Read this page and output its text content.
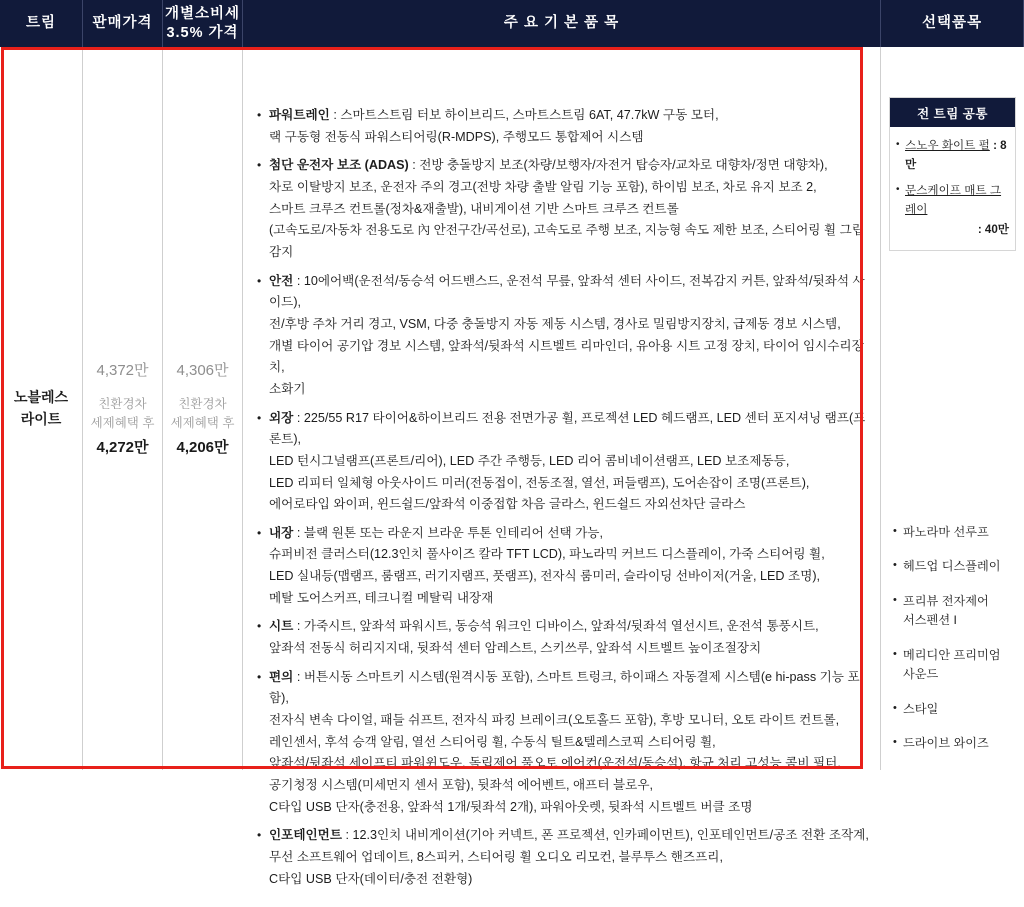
트림	판매가격
개별소비세
3.5% 가격
주 요 기 본 품 목	선택품목
노블레스
라이트
4,372만
친환경차
세제혜택 후
4,272만
4,306만
친환경차
세제혜택 후
4,206만
• 파워트레인 : 스마트스트림 터보 하이브리드, 스마트스트림 6AT, 47.7kW 구동 모터,
랙 구동형 전동식 파워스티어링(R-MDPS), 주행모드 통합제어 시스템
• 첨단 운전자 보조 (ADAS) : 전방 충돌방지 보조(차량/보행자/자전거 탑승자/교차로 대향차/정면 대향차),
차로 이탈방지 보조, 운전자 주의 경고(전방 차량 출발 알림 기능 포함), 하이빔 보조, 차로 유지 보조 2,
스마트 크루즈 컨트롤(정차&재출발), 내비게이션 기반 스마트 크루즈 컨트롤
(고속도로/자동차 전용도로 內 안전구간/곡선로), 고속도로 주행 보조, 지능형 속도 제한 보조, 스티어링 휠 그립 감지
• 안전 : 10에어백(운전석/동승석 어드밴스드, 운전석 무릎, 앞좌석 센터 사이드, 전복감지 커튼, 앞좌석/뒷좌석 사이드),
전/후방 주차 거리 경고, VSM, 다중 충돌방지 자동 제동 시스템, 경사로 밀림방지장치, 급제동 경보 시스템,
개별 타이어 공기압 경보 시스템, 앞좌석/뒷좌석 시트벨트 리마인더, 유아용 시트 고정 장치, 타이어 임시수리장치,
소화기
• 외장 : 225/55 R17 타이어&하이브리드 전용 전면가공 휠, 프로젝션 LED 헤드램프, LED 센터 포지셔닝 램프(프론트),
LED 턴시그널램프(프론트/리어), LED 주간 주행등, LED 리어 콤비네이션램프, LED 보조제동등,
LED 리피터 일체형 아웃사이드 미러(전동접이, 전동조절, 열선, 퍼들램프), 도어손잡이 조명(프론트),
에어로타입 와이퍼, 윈드쉴드/앞좌석 이중접합 차음 글라스, 윈드쉴드 자외선차단 글라스
• 내장 : 블랙 원톤 또는 라운지 브라운 투톤 인테리어 선택 가능,
슈퍼비전 클러스터(12.3인치 풀사이즈 칼라 TFT LCD), 파노라믹 커브드 디스플레이, 가죽 스티어링 휠,
LED 실내등(맵램프, 룸램프, 러기지램프, 풋램프), 전자식 룸미러, 슬라이딩 선바이저(거울, LED 조명),
메탈 도어스커프, 테크니컬 메탈릭 내장재
• 시트 : 가죽시트, 앞좌석 파워시트, 동승석 워크인 디바이스, 앞좌석/뒷좌석 열선시트, 운전석 통풍시트,
앞좌석 전동식 허리지지대, 뒷좌석 센터 암레스트, 스키쓰루, 앞좌석 시트벨트 높이조절장치
• 편의 : 버튼시동 스마트키 시스템(원격시동 포함), 스마트 트렁크, 하이패스 자동결제 시스템(e hi-pass 기능 포함),
전자식 변속 다이얼, 패들 쉬프트, 전자식 파킹 브레이크(오토홀드 포함), 후방 모니터, 오토 라이트 컨트롤,
레인센서, 후석 승객 알림, 열선 스티어링 휠, 수동식 틸트&텔레스코픽 스티어링 휠,
앞좌석/뒷좌석 세이프티 파워윈도우, 독립제어 풀오토 에어컨(운전석/동승석), 항균 처리 고성능 콤비 필터,
공기청정 시스템(미세먼지 센서 포함), 뒷좌석 에어벤트, 애프터 블로우,
C타입 USB 단자(충전용, 앞좌석 1개/뒷좌석 2개), 파워아웃렛, 뒷좌석 시트벨트 버클 조명
• 인포테인먼트 : 12.3인치 내비게이션(기아 커넥트, 폰 프로젝션, 인카페이먼트), 인포테인먼트/공조 전환 조작계,
무선 소프트웨어 업데이트, 8스피커, 스티어링 휠 오디오 리모컨, 블루투스 핸즈프리,
C타입 USB 단자(데이터/충전 전환형)
전 트림 공통
• 스노우 화이트 펄 : 8만
• 문스케이프 매트 그레이
: 40만
• 파노라마 선루프
• 헤드업 디스플레이
• 프리뷰 전자제어
서스펜션 I
• 메리디안 프리미엄
사운드
• 스타일
• 드라이브 와이즈
